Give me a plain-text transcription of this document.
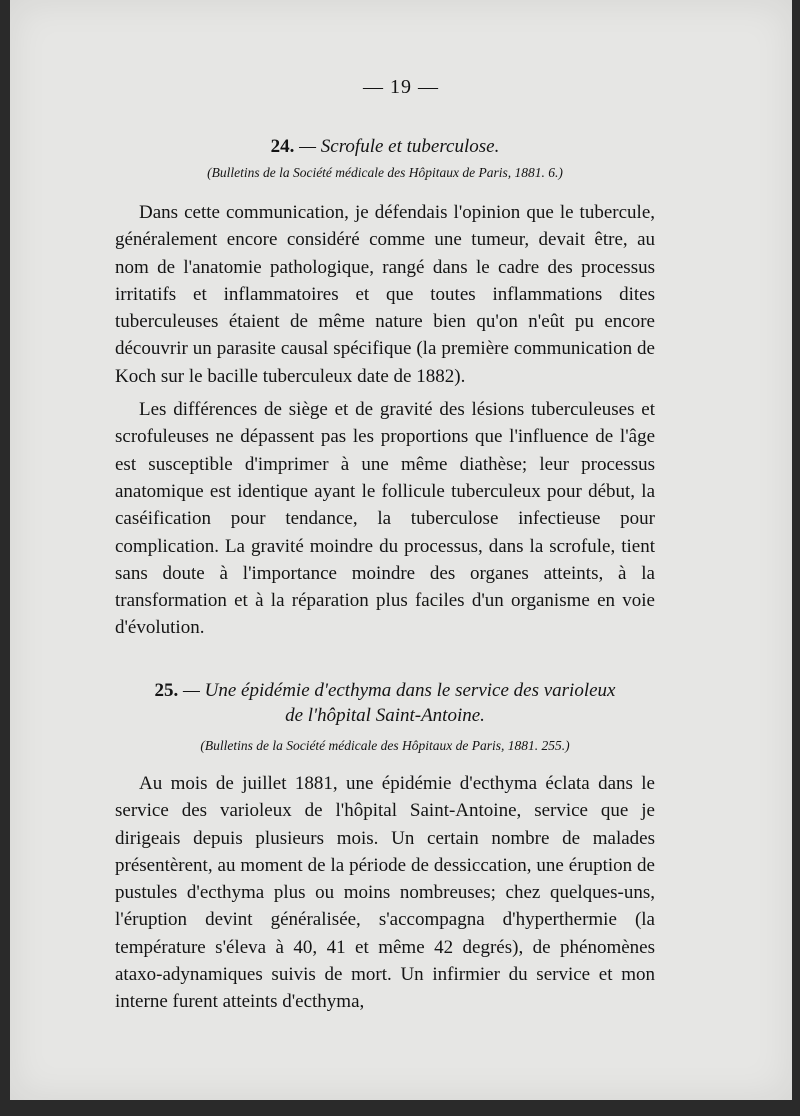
— 19 —
24. — Scrofule et tuberculose.
(Bulletins de la Société médicale des Hôpitaux de Paris, 1881. 6.)

Dans cette communication, je défendais l'opinion que le tubercule, généralement encore considéré comme une tumeur, devait être, au nom de l'anatomie pathologique, rangé dans le cadre des processus irritatifs et inflammatoires et que toutes inflammations dites tuberculeuses étaient de même nature bien qu'on n'eût pu encore découvrir un parasite causal spécifique (la première communication de Koch sur le bacille tuberculeux date de 1882).

Les différences de siège et de gravité des lésions tuberculeuses et scrofuleuses ne dépassent pas les proportions que l'influence de l'âge est susceptible d'imprimer à une même diathèse; leur processus anatomique est identique ayant le follicule tuberculeux pour début, la caséification pour tendance, la tuberculose infectieuse pour complication. La gravité moindre du processus, dans la scrofule, tient sans doute à l'importance moindre des organes atteints, à la transformation et à la réparation plus faciles d'un organisme en voie d'évolution.

25. — Une épidémie d'ecthyma dans le service des varioleux
de l'hôpital Saint-Antoine.
(Bulletins de la Société médicale des Hôpitaux de Paris, 1881. 255.)

Au mois de juillet 1881, une épidémie d'ecthyma éclata dans le service des varioleux de l'hôpital Saint-Antoine, service que je dirigeais depuis plusieurs mois. Un certain nombre de malades présentèrent, au moment de la période de dessiccation, une éruption de pustules d'ecthyma plus ou moins nombreuses; chez quelques-uns, l'éruption devint généralisée, s'accompagna d'hyperthermie (la température s'éleva à 40, 41 et même 42 degrés), de phénomènes ataxo-adynamiques suivis de mort. Un infirmier du service et mon interne furent atteints d'ecthyma,
